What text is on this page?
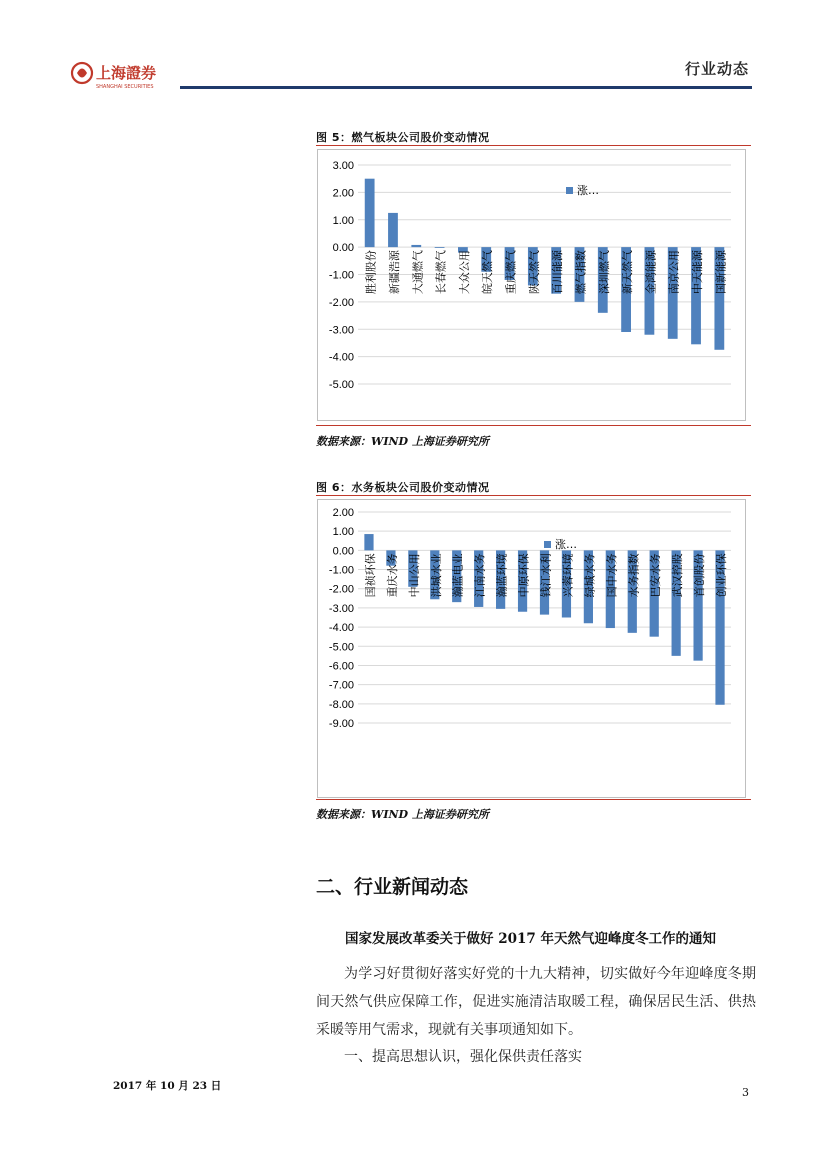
上海證券
SHANGHAI SECURITIES
行业动态
图 5：燃气板块公司股价变动情况
3.00
2.00
1.00
0.00
-1.00
-2.00
-3.00
-4.00
-5.00
胜利股份 新疆浩源 大通燃气 长春燃气 大众公用 皖天然气 重庆燃气 陕天然气 百川能源 燃气指数 深圳燃气 新天然气 金鸿能源 南京公用 中天能源 国新能源
涨…
数据来源：WIND 上海证券研究所
图 6：水务板块公司股价变动情况
2.00
1.00
0.00
-1.00
-2.00
-3.00
-4.00
-5.00
-6.00
-7.00
-8.00
-9.00
国祯环保 重庆水务 中山公用 洪城水业 瀚蓝电业 江南水务 瀚蓝环境 中原环保 钱江水利 兴蓉环境 绿城水务 国中水务 水务指数 巴安水务 武汉控股 首创股份 创业环保
涨…
数据来源：WIND 上海证券研究所
二、行业新闻动态
国家发展改革委关于做好 2017 年天然气迎峰度冬工作的通知

为学习好贯彻好落实好党的十九大精神，切实做好今年迎峰度冬期间天然气供应保障工作，促进实施清洁取暖工程，确保居民生活、供热采暖等用气需求，现就有关事项通知如下。

一、提高思想认识，强化保供责任落实
2017 年 10 月 23 日	3
